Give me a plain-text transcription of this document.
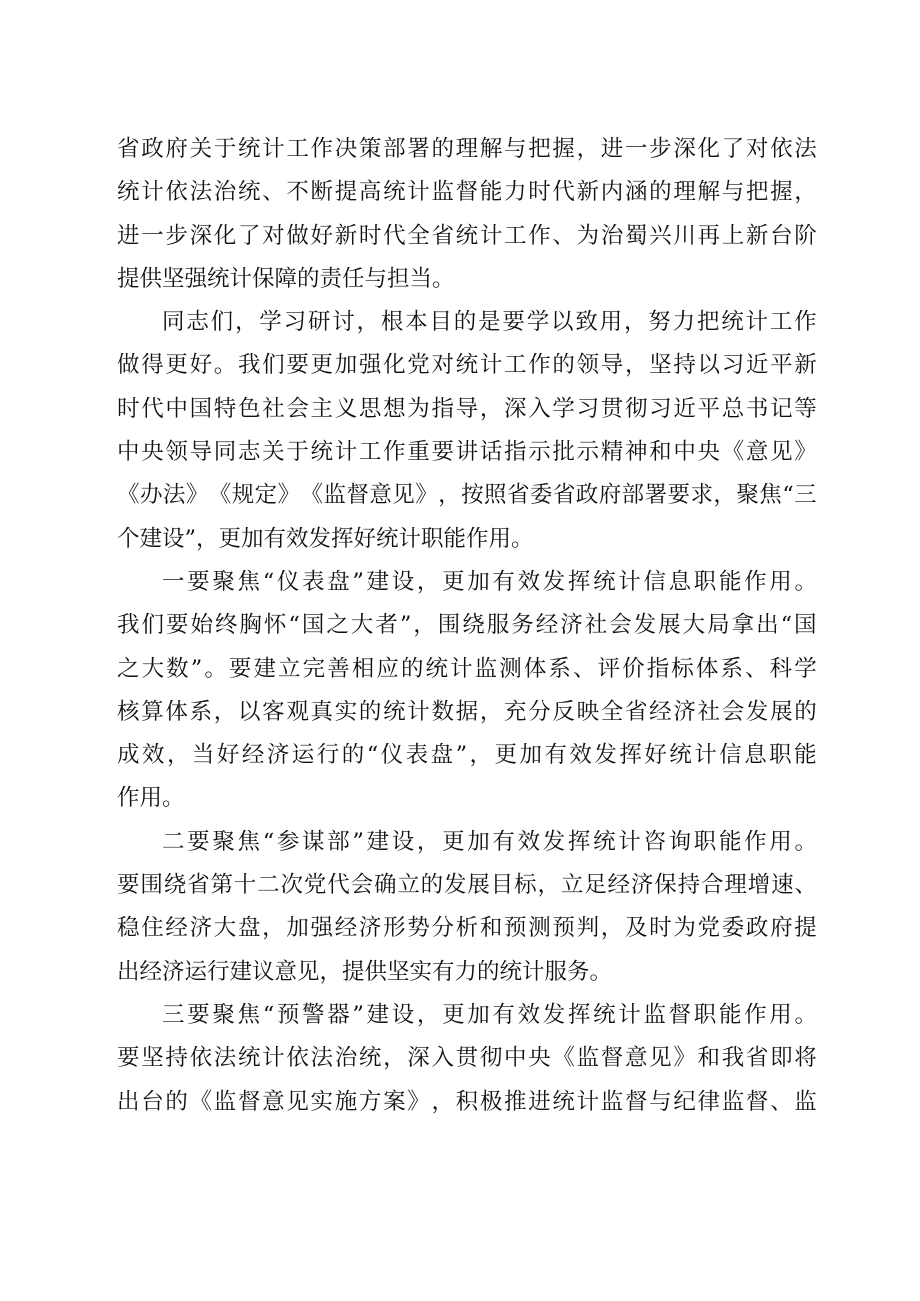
省 政 府 关 于 统 计 工 作 决 策 部 署 的 理 解 与 把 握 ， 进 一 步 深 化 了 对 依 法
统 计 依 法 治 统 、 不 断 提 高 统 计 监 督 能 力 时 代 新 内 涵 的 理 解 与 把 握 ，
进 一 步 深 化 了 对 做 好 新 时 代 全 省 统 计 工 作 、 为 治 蜀 兴 川 再 上 新 台 阶
提供坚强统计保障的责任与担当。
同 志 们 ， 学 习 研 讨 ， 根 本 目 的 是 要 学 以 致 用 ， 努 力 把 统 计 工 作
做 得 更 好 。 我 们 要 更 加 强 化 党 对 统 计 工 作 的 领 导 ， 坚 持 以 习 近 平 新
时 代 中 国 特 色 社 会 主 义 思 想 为 指 导 ， 深 入 学 习 贯 彻 习 近 平 总 书 记 等
中 央 领 导 同 志 关 于 统 计 工 作 重 要 讲 话 指 示 批 示 精 神 和 中 央 《 意 见 》
《 办 法 》 《 规 定 》 《 监 督 意 见 》 ， 按 照 省 委 省 政 府 部 署 要 求 ， 聚 焦 “ 三
个建设”，更加有效发挥好统计职能作用。
一 要 聚 焦 “ 仪 表 盘 ” 建 设 ， 更 加 有 效 发 挥 统 计 信 息 职 能 作 用 。
我 们 要 始 终 胸 怀 “ 国 之 大 者 ” ， 围 绕 服 务 经 济 社 会 发 展 大 局 拿 出 “ 国
之 大 数 ” 。 要 建 立 完 善 相 应 的 统 计 监 测 体 系 、 评 价 指 标 体 系 、 科 学
核 算 体 系 ， 以 客 观 真 实 的 统 计 数 据 ， 充 分 反 映 全 省 经 济 社 会 发 展 的
成 效 ， 当 好 经 济 运 行 的 “ 仪 表 盘 ” ， 更 加 有 效 发 挥 好 统 计 信 息 职 能
作用。
二 要 聚 焦 “ 参 谋 部 ” 建 设 ， 更 加 有 效 发 挥 统 计 咨 询 职 能 作 用 。
要 围 绕 省 第 十 二 次 党 代 会 确 立 的 发 展 目 标 ， 立 足 经 济 保 持 合 理 增 速 、
稳 住 经 济 大 盘 ， 加 强 经 济 形 势 分 析 和 预 测 预 判 ， 及 时 为 党 委 政 府 提
出经济运行建议意见，提供坚实有力的统计服务。
三 要 聚 焦 “ 预 警 器 ” 建 设 ， 更 加 有 效 发 挥 统 计 监 督 职 能 作 用 。
要 坚 持 依 法 统 计 依 法 治 统 ， 深 入 贯 彻 中 央 《 监 督 意 见 》 和 我 省 即 将
出 台 的 《 监 督 意 见 实 施 方 案 》 ， 积 极 推 进 统 计 监 督 与 纪 律 监 督 、 监
